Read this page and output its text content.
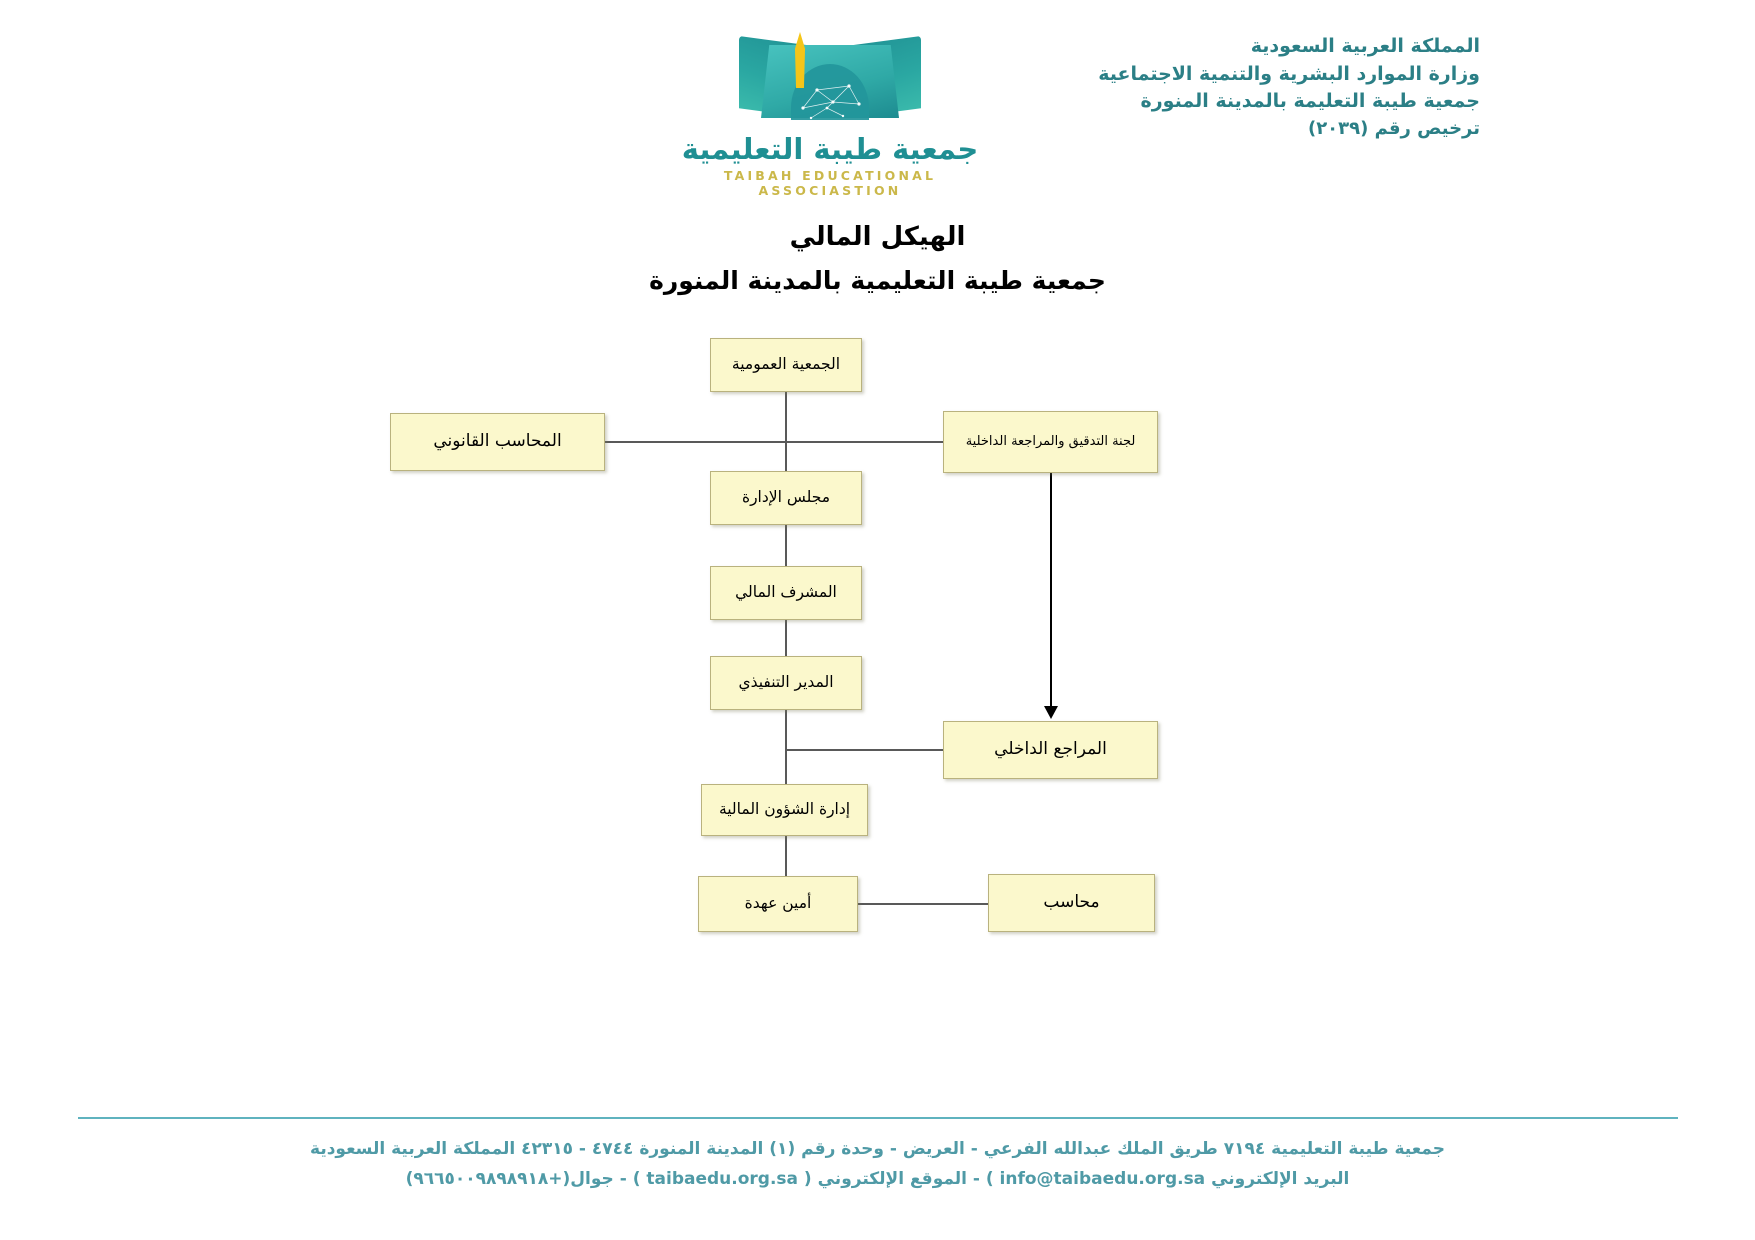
جمعية طيبة التعليمية
TAIBAH EDUCATIONAL ASSOCIASTION
المملكة العربية السعودية
وزارة الموارد البشرية والتنمية الاجتماعية
جمعية طيبة التعليمة بالمدينة المنورة
ترخيص رقم (٢٠٣٩)
الهيكل المالي
جمعية طيبة التعليمية بالمدينة المنورة
الجمعية العمومية
المحاسب القانوني	لجنة التدقيق والمراجعة الداخلية
مجلس الإدارة
المشرف المالي
المدير التنفيذي
المراجع الداخلي
إدارة الشؤون المالية
أمين عهدة	محاسب
جمعية طيبة التعليمية ٧١٩٤ طريق الملك عبدالله الفرعي - العريض - وحدة رقم (١) المدينة المنورة ٤٧٤٤ - ٤٢٣١٥ المملكة العربية السعودية
البريد الإلكتروني info@taibaedu.org.sa ) - الموقع الإلكتروني ( taibaedu.org.sa ) - جوال(+٩٦٦٥٠٠٩٨٩٨٩١٨)
